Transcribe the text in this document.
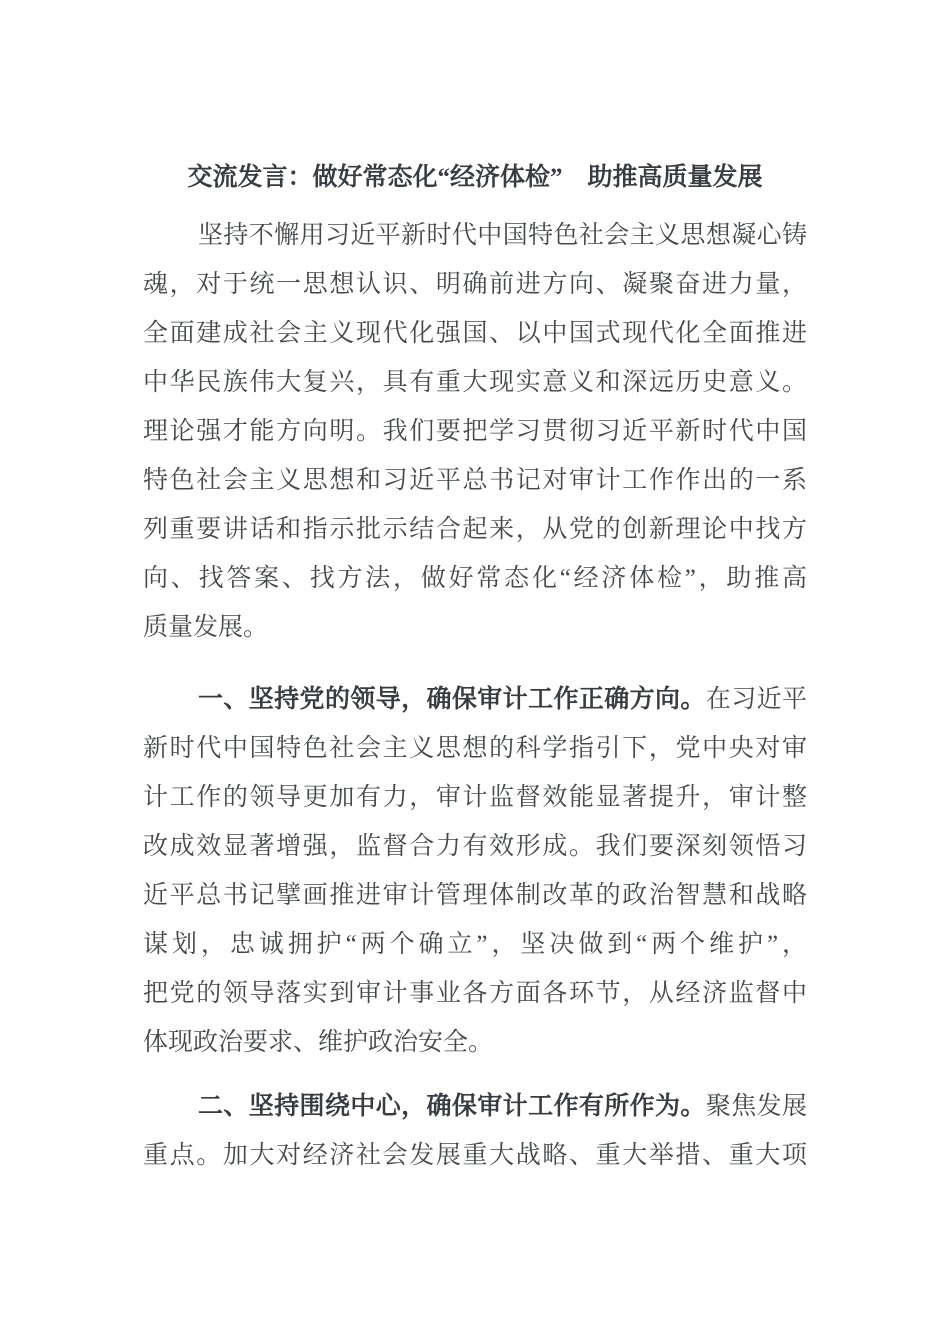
交流发言：做好常态化“经济体检”　助推高质量发展
坚持不懈用习近平新时代中国特色社会主义思想凝心铸
魂，对于统一思想认识、明确前进方向、凝聚奋进力量，
全面建成社会主义现代化强国、以中国式现代化全面推进
中华民族伟大复兴，具有重大现实意义和深远历史意义。
理论强才能方向明。我们要把学习贯彻习近平新时代中国
特色社会主义思想和习近平总书记对审计工作作出的一系
列重要讲话和指示批示结合起来，从党的创新理论中找方
向、找答案、找方法，做好常态化“经济体检”，助推高
质量发展。
一、坚持党的领导，确保审计工作正确方向。在习近平
新时代中国特色社会主义思想的科学指引下，党中央对审
计工作的领导更加有力，审计监督效能显著提升，审计整
改成效显著增强，监督合力有效形成。我们要深刻领悟习
近平总书记擘画推进审计管理体制改革的政治智慧和战略
谋划，忠诚拥护“两个确立”，坚决做到“两个维护”，
把党的领导落实到审计事业各方面各环节，从经济监督中
体现政治要求、维护政治安全。
二、坚持围绕中心，确保审计工作有所作为。聚焦发展
重点。加大对经济社会发展重大战略、重大举措、重大项
